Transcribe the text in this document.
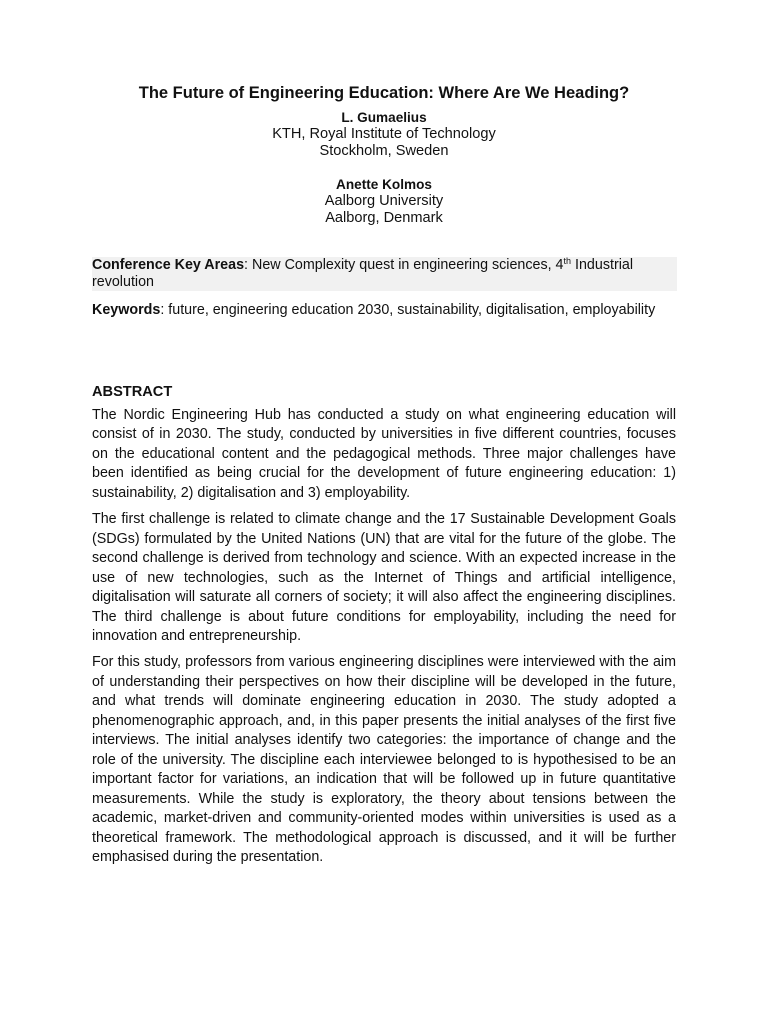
The Future of Engineering Education: Where Are We Heading?
L. Gumaelius
KTH, Royal Institute of Technology
Stockholm, Sweden
Anette Kolmos
Aalborg University
Aalborg, Denmark

Conference Key Areas: New Complexity quest in engineering sciences, 4th Industrial revolution

Keywords: future, engineering education 2030, sustainability, digitalisation, employability

ABSTRACT

The Nordic Engineering Hub has conducted a study on what engineering education will consist of in 2030. The study, conducted by universities in five different countries, focuses on the educational content and the pedagogical methods. Three major challenges have been identified as being crucial for the development of future engineering education: 1) sustainability, 2) digitalisation and 3) employability.

The first challenge is related to climate change and the 17 Sustainable Development Goals (SDGs) formulated by the United Nations (UN) that are vital for the future of the globe. The second challenge is derived from technology and science. With an expected increase in the use of new technologies, such as the Internet of Things and artificial intelligence, digitalisation will saturate all corners of society; it will also affect the engineering disciplines. The third challenge is about future conditions for employability, including the need for innovation and entrepreneurship.

For this study, professors from various engineering disciplines were interviewed with the aim of understanding their perspectives on how their discipline will be developed in the future, and what trends will dominate engineering education in 2030. The study adopted a phenomenographic approach, and, in this paper presents the initial analyses of the first five interviews. The initial analyses identify two categories: the importance of change and the role of the university. The discipline each interviewee belonged to is hypothesised to be an important factor for variations, an indication that will be followed up in future quantitative measurements. While the study is exploratory, the theory about tensions between the academic, market-driven and community-oriented modes within universities is used as a theoretical framework. The methodological approach is discussed, and it will be further emphasised during the presentation.
